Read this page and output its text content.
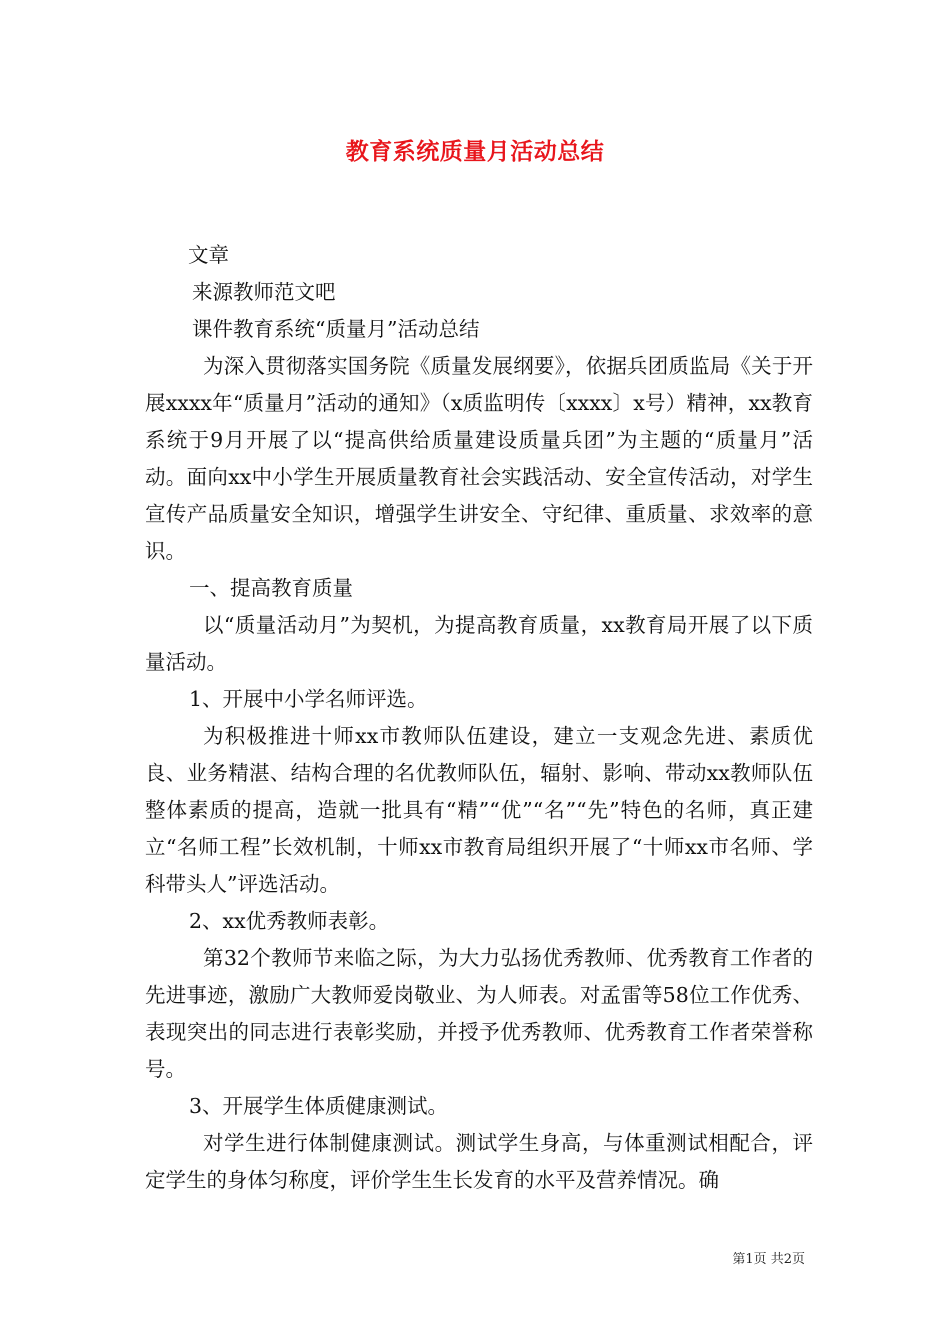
教育系统质量月活动总结
文章
来源教师范文吧
课件教育系统“质量月”活动总结

为深入贯彻落实国务院《质量发展纲要》，依据兵团质监局《关于开展xxxx年“质量月”活动的通知》（x质监明传〔xxxx〕x号）精神，xx教育系统于9月开展了以“提高供给质量建设质量兵团”为主题的“质量月”活动。面向xx中小学生开展质量教育社会实践活动、安全宣传活动，对学生宣传产品质量安全知识，增强学生讲安全、守纪律、重质量、求效率的意识。

一、提高教育质量

以“质量活动月”为契机，为提高教育质量，xx教育局开展了以下质量活动。

1、开展中小学名师评选。

为积极推进十师xx市教师队伍建设，建立一支观念先进、素质优良、业务精湛、结构合理的名优教师队伍，辐射、影响、带动xx教师队伍整体素质的提高，造就一批具有“精”“优”“名”“先”特色的名师，真正建立“名师工程”长效机制，十师xx市教育局组织开展了“十师xx市名师、学科带头人”评选活动。

2、xx优秀教师表彰。

第32个教师节来临之际，为大力弘扬优秀教师、优秀教育工作者的先进事迹，激励广大教师爱岗敬业、为人师表。对孟雷等58位工作优秀、表现突出的同志进行表彰奖励，并授予优秀教师、优秀教育工作者荣誉称号。

3、开展学生体质健康测试。

对学生进行体制健康测试。测试学生身高，与体重测试相配合，评定学生的身体匀称度，评价学生生长发育的水平及营养情况。确

第1页 共2页
